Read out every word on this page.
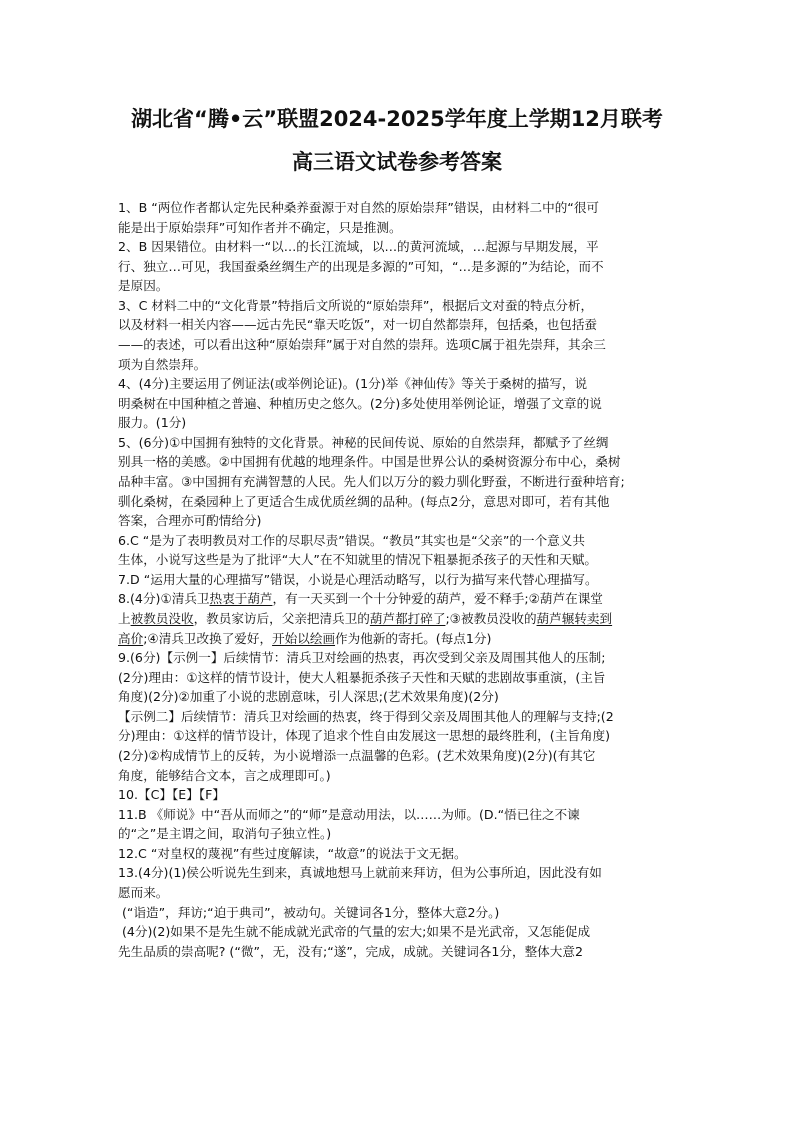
湖北省“腾•云”联盟2024-2025学年度上学期12月联考
高三语文试卷参考答案
1、B “两位作者都认定先民种桑养蚕源于对自然的原始崇拜”错误，由材料二中的“很可
能是出于原始崇拜”可知作者并不确定，只是推测。
2、B 因果错位。由材料一“以…的长江流域，以…的黄河流域，…起源与早期发展，平
行、独立…可见，我国蚕桑丝绸生产的出现是多源的”可知，“…是多源的”为结论，而不
是原因。
3、C 材料二中的“文化背景”特指后文所说的“原始崇拜”，根据后文对蚕的特点分析，
以及材料一相关内容——远古先民“靠天吃饭”，对一切自然都崇拜，包括桑，也包括蚕
——的表述，可以看出这种“原始崇拜”属于对自然的崇拜。选项C属于祖先崇拜，其余三
项为自然崇拜。
4、(4分)主要运用了例证法(或举例论证)。(1分)举《神仙传》等关于桑树的描写，说
明桑树在中国种植之普遍、种植历史之悠久。(2分)多处使用举例论证，增强了文章的说
服力。(1分)
5、(6分)①中国拥有独特的文化背景。神秘的民间传说、原始的自然崇拜，都赋予了丝绸
别具一格的美感。②中国拥有优越的地理条件。中国是世界公认的桑树资源分布中心，桑树
品种丰富。③中国拥有充满智慧的人民。先人们以万分的毅力驯化野蚕，不断进行蚕种培育;
驯化桑树，在桑园种上了更适合生成优质丝绸的品种。(每点2分，意思对即可，若有其他
答案，合理亦可酌情给分)
6.C “是为了表明教员对工作的尽职尽责”错误。“教员”其实也是“父亲”的一个意义共
生体，小说写这些是为了批评“大人”在不知就里的情况下粗暴扼杀孩子的天性和天赋。
7.D “运用大量的心理描写”错误，小说是心理活动略写，以行为描写来代替心理描写。
8.(4分)①清兵卫热衷于葫芦，有一天买到一个十分钟爱的葫芦，爱不释手;②葫芦在课堂
上被教员没收，教员家访后，父亲把清兵卫的葫芦都打碎了;③被教员没收的葫芦辗转卖到
高价;④清兵卫改换了爱好，开始以绘画作为他新的寄托。(每点1分)
9.(6分)【示例一】后续情节：清兵卫对绘画的热衷，再次受到父亲及周围其他人的压制;
(2分)理由：①这样的情节设计，使大人粗暴扼杀孩子天性和天赋的悲剧故事重演，(主旨
角度)(2分)②加重了小说的悲剧意味，引人深思;(艺术效果角度)(2分)
【示例二】后续情节：清兵卫对绘画的热衷，终于得到父亲及周围其他人的理解与支持;(2
分)理由：①这样的情节设计，体现了追求个性自由发展这一思想的最终胜利，(主旨角度)
(2分)②构成情节上的反转，为小说增添一点温馨的色彩。(艺术效果角度)(2分)(有其它
角度，能够结合文本，言之成理即可。)
10.【C】【E】【F】
11.B 《师说》中“吾从而师之”的“师”是意动用法，以……为师。(D.“悟已往之不谏
的“之”是主谓之间，取消句子独立性。)
12.C “对皇权的蔑视”有些过度解读，“故意”的说法于文无据。
13.(4分)(1)侯公听说先生到来，真诚地想马上就前来拜访，但为公事所迫，因此没有如
愿而来。
(“诣造”，拜访;“迫于典司”，被动句。关键词各1分，整体大意2分。)
(4分)(2)如果不是先生就不能成就光武帝的气量的宏大;如果不是光武帝，又怎能促成
先生品质的崇高呢? (“微”，无，没有;“遂”，完成，成就。关键词各1分，整体大意2
